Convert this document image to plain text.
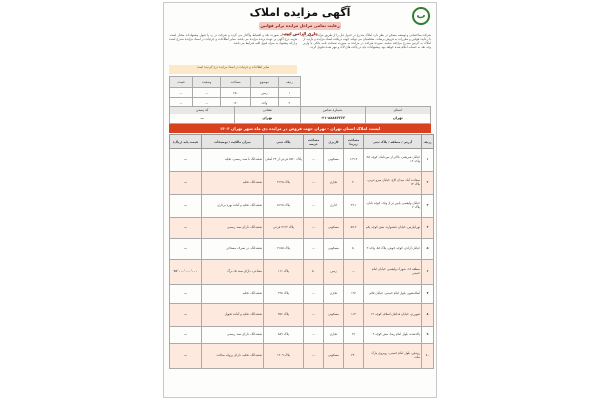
ب
آگهی مزایده املاک
رعایت تمامی مراحل مزایده برابر قوانین جاری الزامی است
شرکت ساختمانی و توسعه مسکن در نظر دارد املاک مندرج در جدول ذیل را از طریق مزایده عمومی و با رعایت قوانین و مقررات به فروش برساند. متقاضیان می توانند جهت دریافت اسناد مزایده و بازدید از املاک به آدرس مندرج مراجعه نمایند. سپرده شرکت در مزایده به صورت ضمانت نامه بانکی یا واریز وجه نقد به حساب اعلام شده خواهد بود. پیشنهادات باید در پاکت های لاک و مهر شده تحویل گردد.
کلیه املاک به صورت نقد و اقساط واگذار می گردد و شرکت در رد یا قبول پیشنهادات مختار است. هزینه درج آگهی بر عهده برنده مزایده می باشد. سایر اطلاعات و جزئیات در اسناد مزایده مندرج است و ارائه پیشنهاد به منزله قبول کلیه شرایط می باشد.
سایر اطلاعات و جزئیات در اسناد مزایده درج گردیده است
ردیف	موضوع	مساحت	وضعیت	قیمت
۱	زمین	۲۵۰	—	—
۲	واحد	۱۲۰	—	—
استان
تهران
شماره تماس
۰۲۱-۸۸۸۸۳۳۶۳
نشانی
تهران
کد پستی
—
لیست املاک استان تهران - تهران جهت فروش در مزایده دی ماه شهر تهران ۱۴۰۲
ردیف	آدرس / منطقه / پلاک ثبتی	مساحت زیربنا	کاربری	مساحت عرصه	پلاک ثبتی	میزان مالکیت / توضیحات	قیمت پایه (ریال)
۱	خیابان شریعتی، بالاتر از میرداماد، کوچه ۳۸، واحد ۱۲	۱۶۹.۴	مسکونی	—	پلاک ۶۵۲۰ فرعی از ۲۴ اصلی	ششدانگ با سند رسمی، تخلیه	—
۲	سعادت آباد، میدان کاج، خیابان سرو غربی، پلاک ۱۴	۲۰	تجاری	—	پلاک ۴۱۲۵	ششدانگ، تخلیه	—
۳	خیابان ولیعصر، پایین تر از ونک، کوچه تابان، پلاک ۲	۲۹.۱	اداری	—	پلاک ۸۱۲۵	ششدانگ، تخلیه و آماده بهره برداری	—
۴	تهرانپارس، خیابان جشنواره، نبش کوچه یکم	۵۷.۳	مسکونی	—	پلاک ۴۱۲۳ فرعی	ششدانگ، دارای سند رسمی	—
۵	خیابان آزادی، کوچه خوش، پلاک ۸۸، واحد ۳	۵۰	مسکونی	—	پلاک ۲۱۵۵	ششدانگ، در تصرف مستاجر	—
۶	منطقه ۱۸، شهرک ولیعصر، خیابان امام خمینی	—	زمین	۵۰	پلاک ۱۱۱	مشاعی، دارای سند تک برگ	۹۱٬۰۰۰٬۰۰۰٬۰۰۰
۷	اسلامشهر، بلوار امام خمینی، خیابان قائم	۱۹۶	تجاری	—	پلاک ۲۹۸	ششدانگ، تخلیه	—
۸	شهرری، خیابان فدائیان اسلام، کوچه ۱۲	۱۱۳	مسکونی	—	پلاک ۳۵۶	ششدانگ، تخلیه و آماده تحویل	—
۹	پاکدشت، بلوار امام رضا، نبش کوچه ۹	۶۲	تجاری	—	پلاک ۸۸۹	ششدانگ، دارای سند رسمی	—
۱۰	رودهن، بلوار امام خمینی، روبروی پارک ملت	۲۴۰	مسکونی	—	پلاک ۱۲۰۹	ششدانگ، تخلیه، دارای پروانه ساخت	—
